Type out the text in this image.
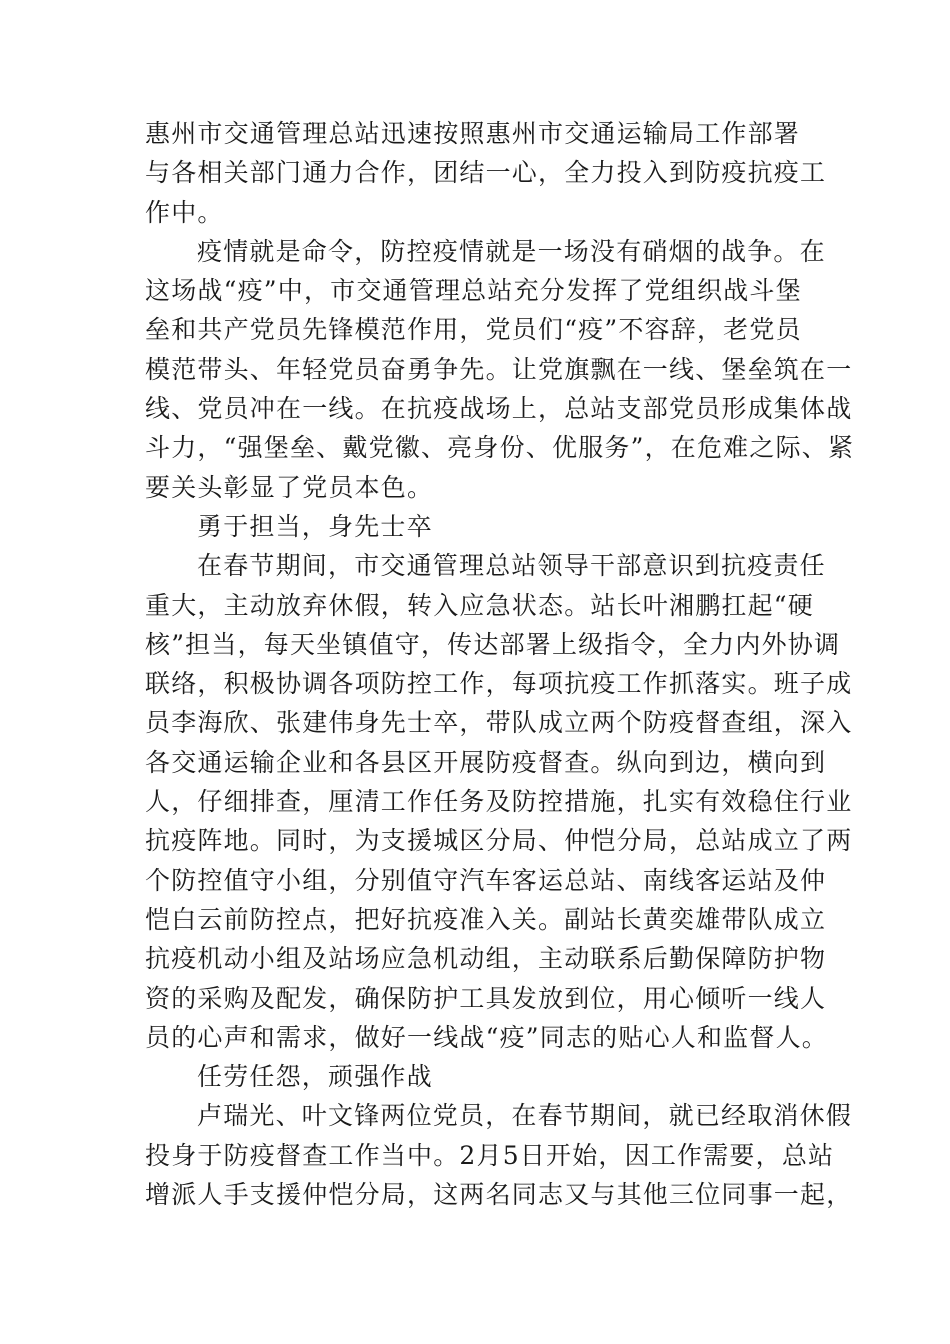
惠州市交通管理总站迅速按照惠州市交通运输局工作部署
与各相关部门通力合作，团结一心，全力投入到防疫抗疫工
作中。
疫情就是命令，防控疫情就是一场没有硝烟的战争。在
这场战“疫”中，市交通管理总站充分发挥了党组织战斗堡
垒和共产党员先锋模范作用，党员们“疫”不容辞，老党员
模范带头、年轻党员奋勇争先。让党旗飘在一线、堡垒筑在一
线、党员冲在一线。在抗疫战场上，总站支部党员形成集体战
斗力，“强堡垒、戴党徽、亮身份、优服务”，在危难之际、紧
要关头彰显了党员本色。
勇于担当，身先士卒
在春节期间，市交通管理总站领导干部意识到抗疫责任
重大，主动放弃休假，转入应急状态。站长叶湘鹏扛起“硬
核”担当，每天坐镇值守，传达部署上级指令，全力内外协调
联络，积极协调各项防控工作，每项抗疫工作抓落实。班子成
员李海欣、张建伟身先士卒，带队成立两个防疫督查组，深入
各交通运输企业和各县区开展防疫督查。纵向到边，横向到
人，仔细排查，厘清工作任务及防控措施，扎实有效稳住行业
抗疫阵地。同时，为支援城区分局、仲恺分局，总站成立了两
个防控值守小组，分别值守汽车客运总站、南线客运站及仲
恺白云前防控点，把好抗疫准入关。副站长黄奕雄带队成立
抗疫机动小组及站场应急机动组，主动联系后勤保障防护物
资的采购及配发，确保防护工具发放到位，用心倾听一线人
员的心声和需求，做好一线战“疫”同志的贴心人和监督人。
任劳任怨，顽强作战
卢瑞光、叶文锋两位党员，在春节期间，就已经取消休假
投身于防疫督查工作当中。2月5日开始，因工作需要，总站
增派人手支援仲恺分局，这两名同志又与其他三位同事一起，
